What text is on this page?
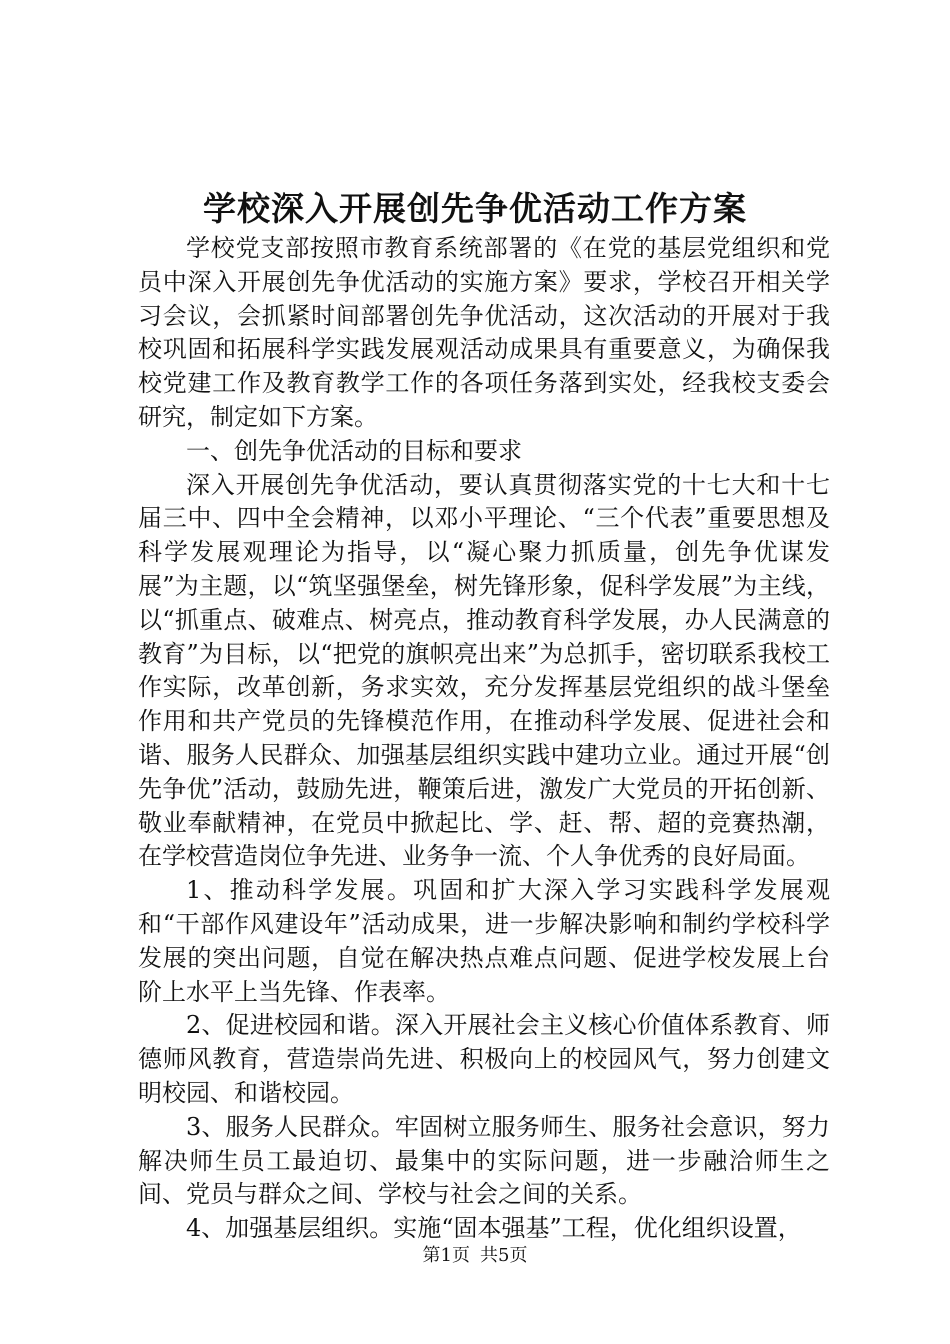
学校深入开展创先争优活动工作方案

学校党支部按照市教育系统部署的《在党的基层党组织和党员中深入开展创先争优活动的实施方案》要求，学校召开相关学习会议，会抓紧时间部署创先争优活动，这次活动的开展对于我校巩固和拓展科学实践发展观活动成果具有重要意义，为确保我校党建工作及教育教学工作的各项任务落到实处，经我校支委会研究，制定如下方案。

一、创先争优活动的目标和要求

深入开展创先争优活动，要认真贯彻落实党的十七大和十七届三中、四中全会精神，以邓小平理论、“三个代表”重要思想及科学发展观理论为指导，以“凝心聚力抓质量，创先争优谋发展”为主题，以“筑坚强堡垒，树先锋形象，促科学发展”为主线，以“抓重点、破难点、树亮点，推动教育科学发展，办人民满意的教育”为目标，以“把党的旗帜亮出来”为总抓手，密切联系我校工作实际，改革创新，务求实效，充分发挥基层党组织的战斗堡垒作用和共产党员的先锋模范作用，在推动科学发展、促进社会和谐、服务人民群众、加强基层组织实践中建功立业。通过开展“创先争优”活动，鼓励先进，鞭策后进，激发广大党员的开拓创新、敬业奉献精神，在党员中掀起比、学、赶、帮、超的竞赛热潮，在学校营造岗位争先进、业务争一流、个人争优秀的良好局面。

1、推动科学发展。巩固和扩大深入学习实践科学发展观和“干部作风建设年”活动成果，进一步解决影响和制约学校科学发展的突出问题，自觉在解决热点难点问题、促进学校发展上台阶上水平上当先锋、作表率。

2、促进校园和谐。深入开展社会主义核心价值体系教育、师德师风教育，营造崇尚先进、积极向上的校园风气，努力创建文明校园、和谐校园。

3、服务人民群众。牢固树立服务师生、服务社会意识，努力解决师生员工最迫切、最集中的实际问题，进一步融洽师生之间、党员与群众之间、学校与社会之间的关系。

4、加强基层组织。实施“固本强基”工程，优化组织设置，

第1页 共5页
